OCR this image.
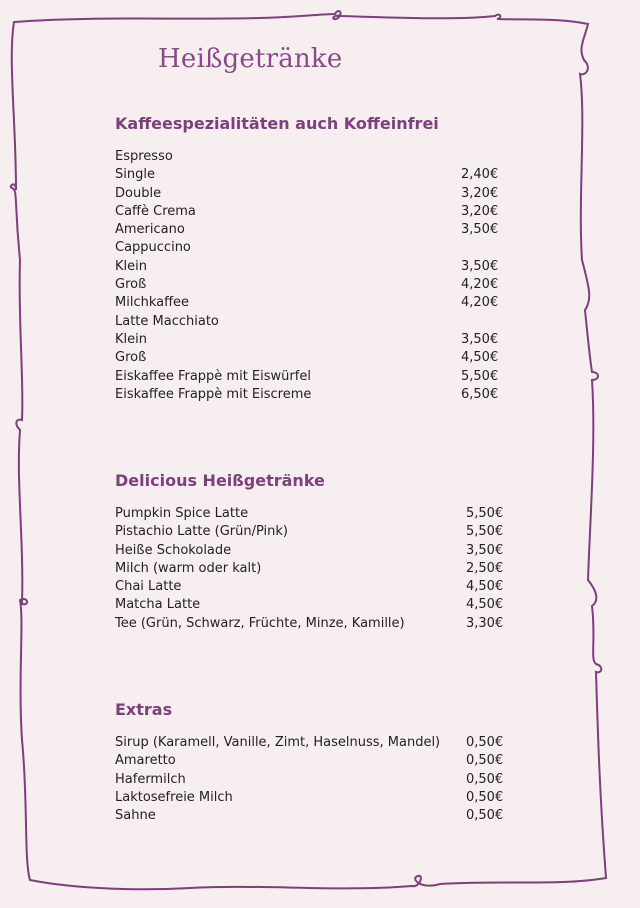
Heißgetränke
Kaffeespezialitäten auch Koffeinfrei
Espresso
Single	2,40€
Double	3,20€
Caffè Crema	3,20€
Americano	3,50€
Cappuccino
Klein	3,50€
Groß	4,20€
Milchkaffee	4,20€
Latte Macchiato
Klein	3,50€
Groß	4,50€
Eiskaffee Frappè mit Eiswürfel	5,50€
Eiskaffee Frappè mit Eiscreme	6,50€
Delicious Heißgetränke
Pumpkin Spice Latte	5,50€
Pistachio Latte (Grün/Pink)	5,50€
Heiße Schokolade	3,50€
Milch (warm oder kalt)	2,50€
Chai Latte	4,50€
Matcha Latte	4,50€
Tee (Grün, Schwarz, Früchte, Minze, Kamille)	3,30€
Extras
Sirup (Karamell, Vanille, Zimt, Haselnuss, Mandel) 0,50€
Amaretto	0,50€
Hafermilch	0,50€
Laktosefreie Milch	0,50€
Sahne	0,50€
